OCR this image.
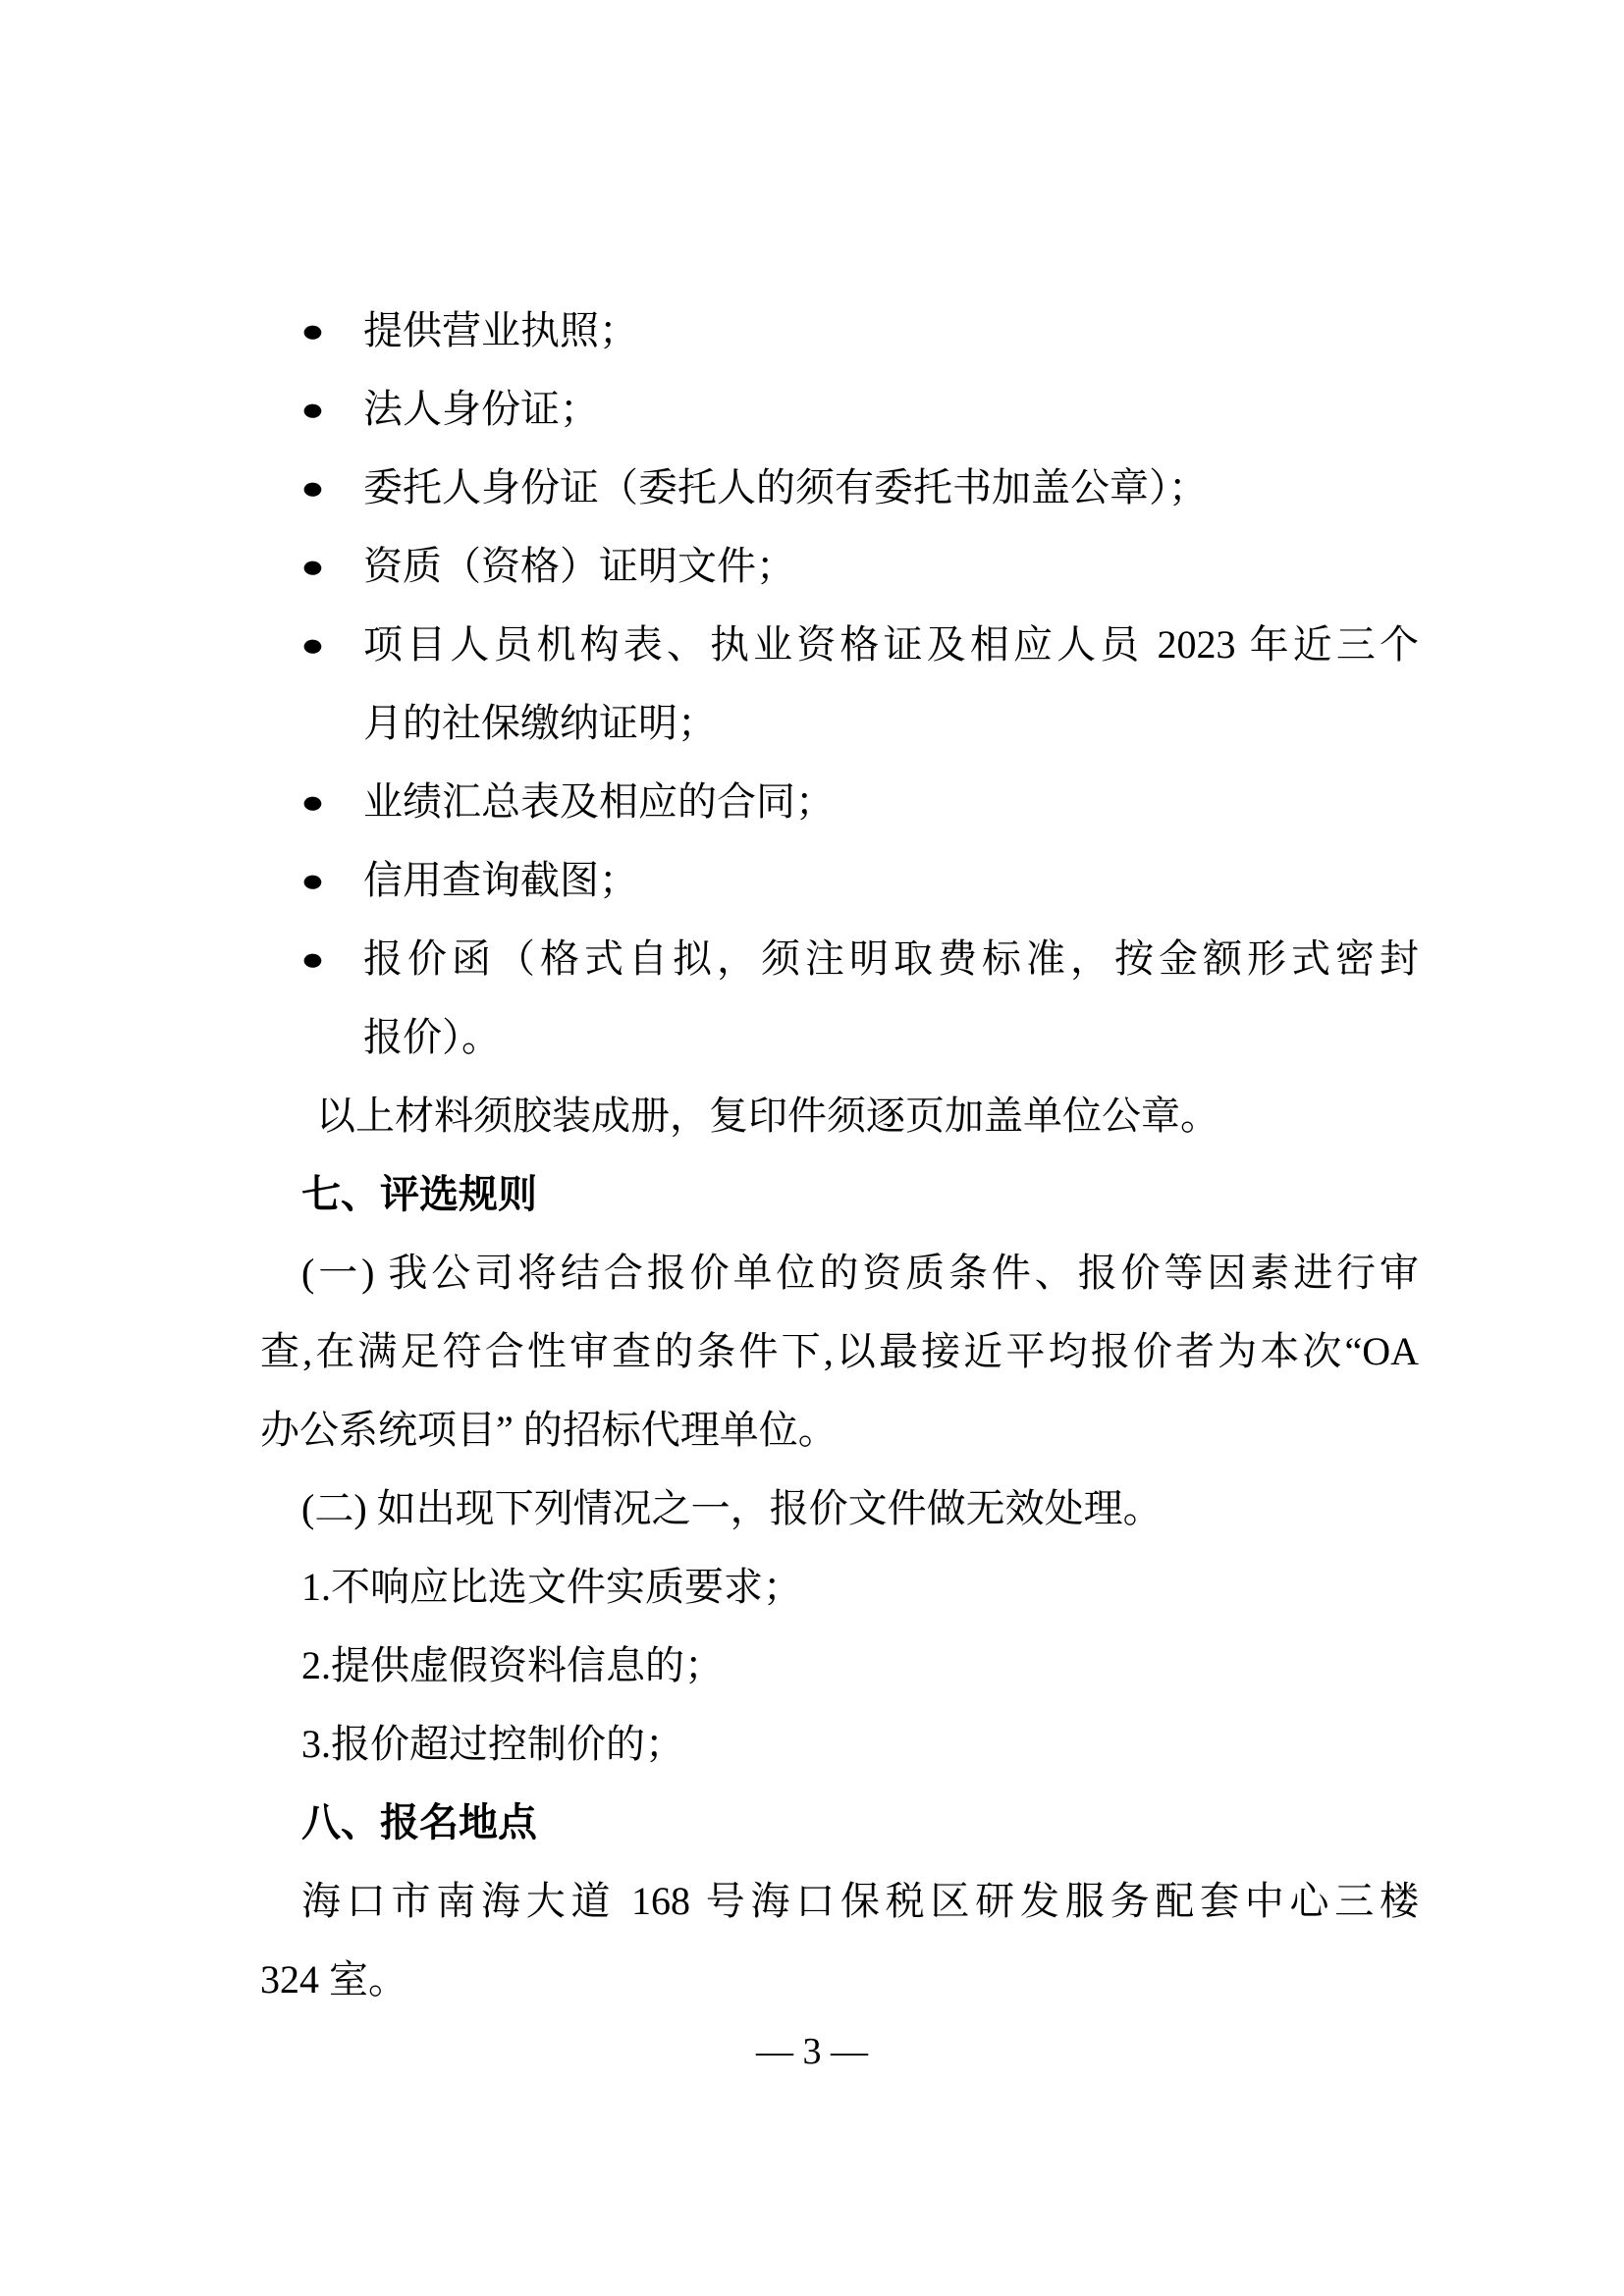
● 提供营业执照；
● 法人身份证；
● 委托人身份证（委托人的须有委托书加盖公章）；
● 资质（资格）证明文件；
● 项目人员机构表、执业资格证及相应人员 2023 年近三个
月的社保缴纳证明；
● 业绩汇总表及相应的合同；
● 信用查询截图；
● 报价函（格式自拟，须注明取费标准，按金额形式密封
报价）。
以上材料须胶装成册，复印件须逐页加盖单位公章。
七、评选规则
(一) 我公司将结合报价单位的资质条件、报价等因素进行审
查,在满足符合性审查的条件下,以最接近平均报价者为本次“OA
办公系统项目” 的招标代理单位。
(二) 如出现下列情况之一，报价文件做无效处理。
1.不响应比选文件实质要求；
2.提供虚假资料信息的；
3.报价超过控制价的；
八、报名地点
海口市南海大道 168 号海口保税区研发服务配套中心三楼
324 室。
— 3 —
